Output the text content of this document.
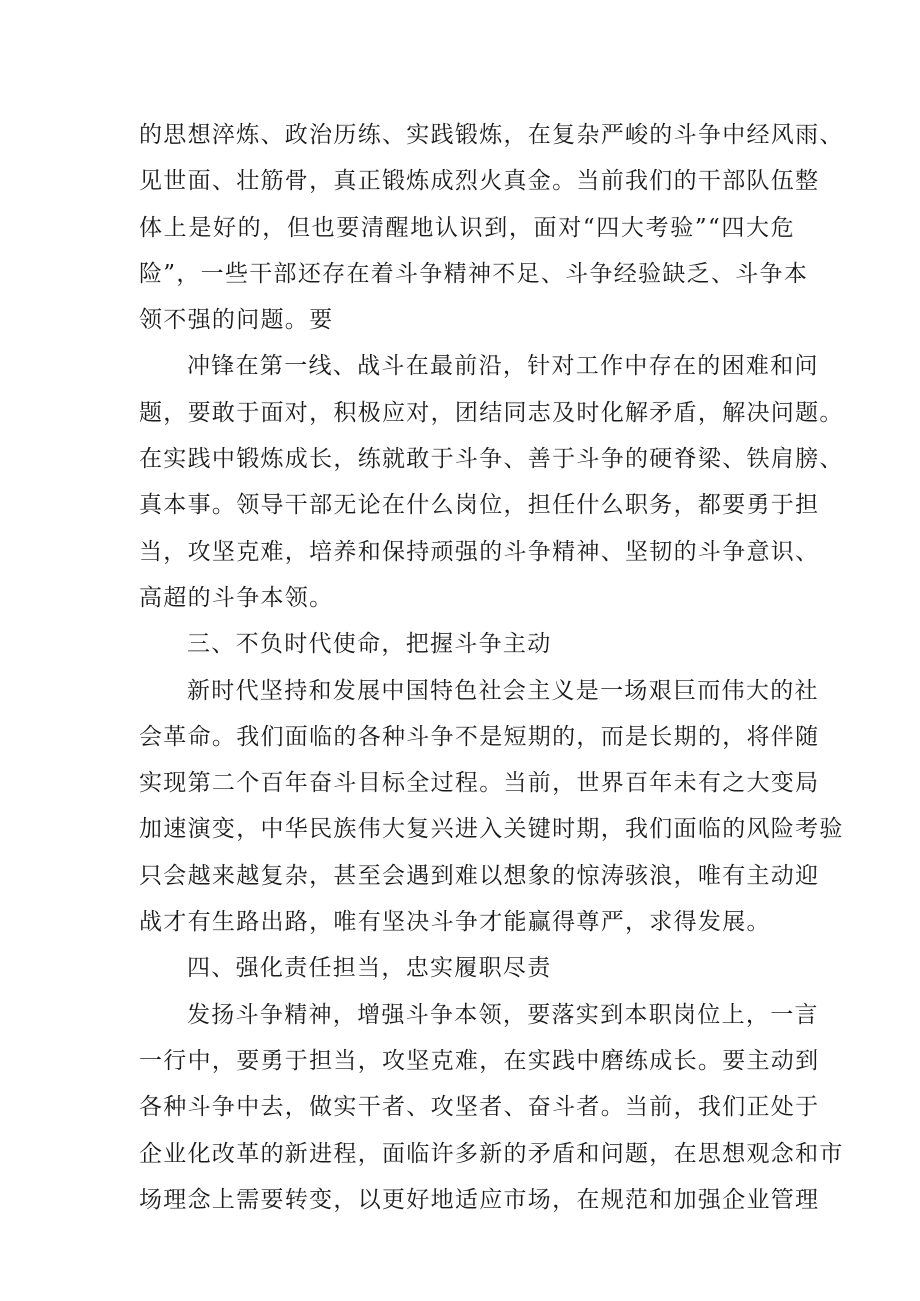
的思想淬炼、政治历练、实践锻炼，在复杂严峻的斗争中经风雨、
见世面、壮筋骨，真正锻炼成烈火真金。当前我们的干部队伍整
体上是好的，但也要清醒地认识到，面对“四大考验”“四大危
险”，一些干部还存在着斗争精神不足、斗争经验缺乏、斗争本
领不强的问题。要
冲锋在第一线、战斗在最前沿，针对工作中存在的困难和问
题，要敢于面对，积极应对，团结同志及时化解矛盾，解决问题。
在实践中锻炼成长，练就敢于斗争、善于斗争的硬脊梁、铁肩膀、
真本事。领导干部无论在什么岗位，担任什么职务，都要勇于担
当，攻坚克难，培养和保持顽强的斗争精神、坚韧的斗争意识、
高超的斗争本领。
三、不负时代使命，把握斗争主动
新时代坚持和发展中国特色社会主义是一场艰巨而伟大的社
会革命。我们面临的各种斗争不是短期的，而是长期的，将伴随
实现第二个百年奋斗目标全过程。当前，世界百年未有之大变局
加速演变，中华民族伟大复兴进入关键时期，我们面临的风险考验
只会越来越复杂，甚至会遇到难以想象的惊涛骇浪，唯有主动迎
战才有生路出路，唯有坚决斗争才能赢得尊严，求得发展。
四、强化责任担当，忠实履职尽责
发扬斗争精神，增强斗争本领，要落实到本职岗位上，一言
一行中，要勇于担当，攻坚克难，在实践中磨练成长。要主动到
各种斗争中去，做实干者、攻坚者、奋斗者。当前，我们正处于
企业化改革的新进程，面临许多新的矛盾和问题，在思想观念和市
场理念上需要转变，以更好地适应市场，在规范和加强企业管理
